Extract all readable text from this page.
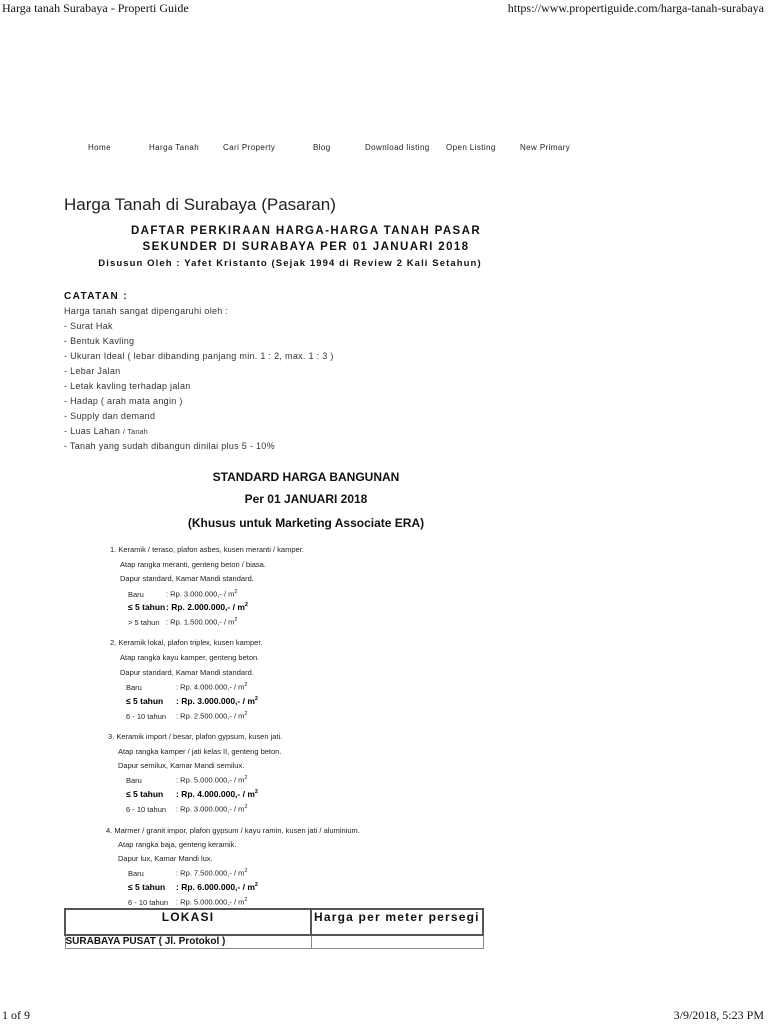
Harga tanah Surabaya - Properti Guide	https://www.propertiguide.com/harga-tanah-surabaya
Home	Harga Tanah	Cari Property	Blog	Download listing Open Listing	New Primary
Harga Tanah di Surabaya (Pasaran)
DAFTAR PERKIRAAN HARGA-HARGA TANAH PASAR
SEKUNDER DI SURABAYA PER 01 JANUARI 2018
Disusun Oleh : Yafet Kristanto (Sejak 1994 di Review 2 Kali Setahun)
CATATAN :
Harga tanah sangat dipengaruhi oleh :
- Surat Hak
- Bentuk Kavling
- Ukuran Ideal ( lebar dibanding panjang min. 1 : 2, max. 1 : 3 )
- Lebar Jalan
- Letak kavling terhadap jalan
- Hadap ( arah mata angin )
- Supply dan demand
- Luas Lahan / Tanah
- Tanah yang sudah dibangun dinilai plus 5 - 10%
STANDARD HARGA BANGUNAN
Per 01 JANUARI 2018
(Khusus untuk Marketing Associate ERA)
1. Keramik / teraso, plafon asbes, kusen meranti / kamper.
Atap rangka meranti, genteng beton / biasa.
Dapur standard, Kamar Mandi standard.
Baru	: Rp. $3.000.000,- / m^2$
≤ 5 tahun: Rp. $2.000.000,- / m^2$
> 5 tahun : Rp. $1.500.000,- / m^2$
2. Keramik lokal, plafon tripleк, kusen kamper.
Atap rangka kayu kamper, genteng beton.
Dapur standard, Kamar Mandi standard.
Baru	: Rp. $4.000.000,- / m^2$
≤ 5 tahun : Rp. $3.000.000,- / m^2$
6 - 10 tahun : Rp. $2.500.000,- / m^2$
3. Keramik import / besar, plafon gypsum, kusen jati.
Atap rangka kamper / jati kelas II, genteng beton.
Dapur semilux, Kamar Mandi semilux.
Baru	: Rp. $5.000.000,- / m^2$
≤ 5 tahun : Rp. $4.000.000,- / m^2$
6 - 10 tahun : Rp. $3.000.000,- / m^2$
4. Marmer / granit impor, plafon gypsum / kayu ramin, kusen jati / aluminium.
Atap rangka baja, genteng keramik.
Dapur lux, Kamar Mandi lux.
Baru	: Rp. $7.500.000,- / m^2$
≤ 5 tahun : Rp. $6.000.000,- / m^2$
6 - 10 tahun : Rp. $5.000.000,- / m^2$
LOKASI	Harga per meter persegi
SURABAYA PUSAT ( Jl. Protokol )	
1 of 9	3/9/2018, 5:23 PM
